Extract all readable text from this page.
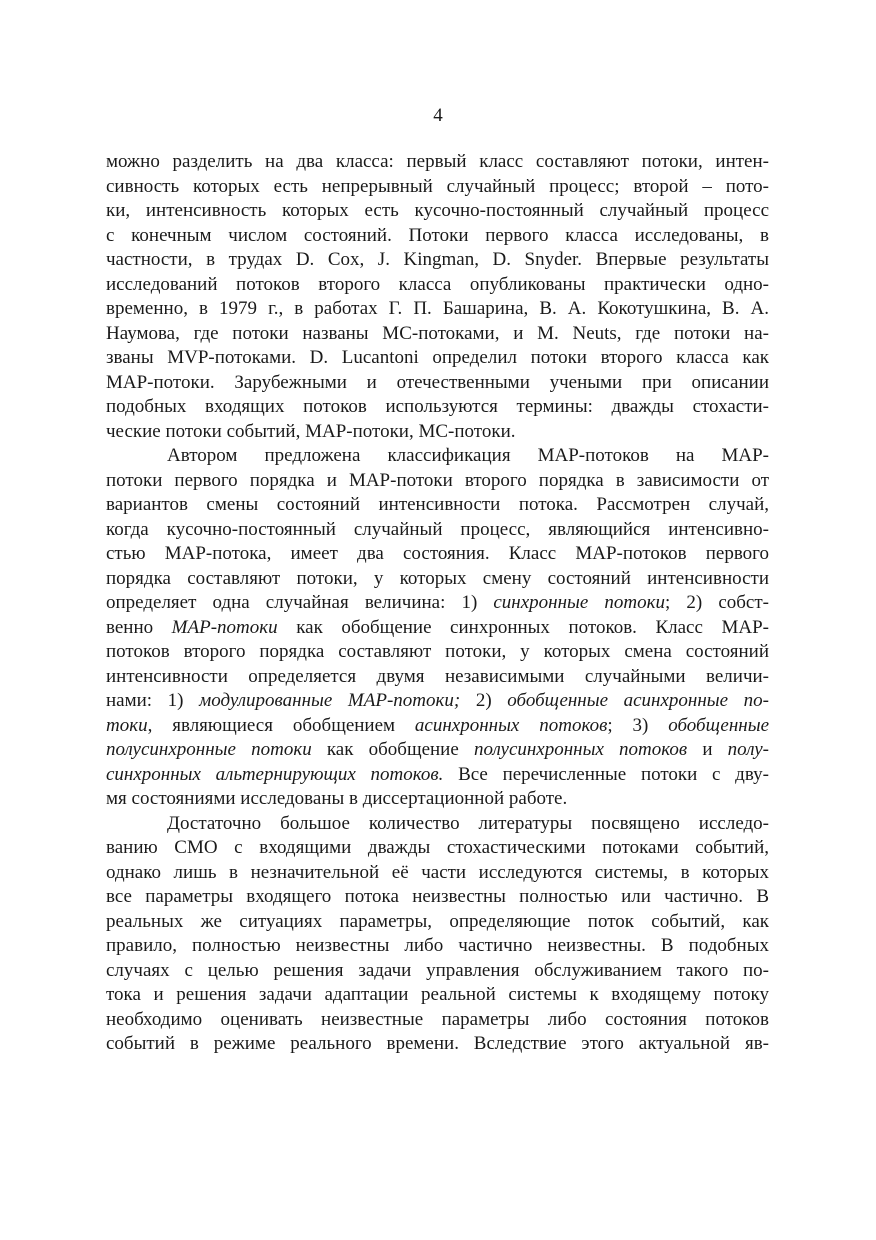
4
можно разделить на два класса: первый класс составляют потоки, интен-
сивность которых есть непрерывный случайный процесс; второй – пото-
ки, интенсивность которых есть кусочно-постоянный случайный процесс
с конечным числом состояний. Потоки первого класса исследованы, в
частности, в трудах D. Cox, J. Kingman, D. Snyder. Впервые результаты
исследований потоков второго класса опубликованы практически одно-
временно, в 1979 г., в работах Г. П. Башарина, В. А. Кокотушкина, В. А.
Наумова, где потоки названы МС-потоками, и M. Neuts, где потоки на-
званы MVP-потоками. D. Lucantoni определил потоки второго класса как
MAP-потоки. Зарубежными и отечественными учеными при описании
подобных входящих потоков используются термины: дважды стохасти-
ческие потоки событий, MAP-потоки, МС-потоки.
Автором предложена классификация MAP-потоков на MAP-
потоки первого порядка и MAP-потоки второго порядка в зависимости от
вариантов смены состояний интенсивности потока. Рассмотрен случай,
когда кусочно-постоянный случайный процесс, являющийся интенсивно-
стью MAP-потока, имеет два состояния. Класс MAP-потоков первого
порядка составляют потоки, у которых смену состояний интенсивности
определяет одна случайная величина: 1) синхронные потоки; 2) собст-
венно MAP-потоки как обобщение синхронных потоков. Класс MAP-
потоков второго порядка составляют потоки, у которых смена состояний
интенсивности определяется двумя независимыми случайными величи-
нами: 1) модулированные MAP-потоки; 2) обобщенные асинхронные по-
токи, являющиеся обобщением асинхронных потоков; 3) обобщенные
полусинхронные потоки как обобщение полусинхронных потоков и полу-
синхронных альтернирующих потоков. Все перечисленные потоки с дву-
мя состояниями исследованы в диссертационной работе.
Достаточно большое количество литературы посвящено исследо-
ванию СМО с входящими дважды стохастическими потоками событий,
однако лишь в незначительной её части исследуются системы, в которых
все параметры входящего потока неизвестны полностью или частично. В
реальных же ситуациях параметры, определяющие поток событий, как
правило, полностью неизвестны либо частично неизвестны. В подобных
случаях с целью решения задачи управления обслуживанием такого по-
тока и решения задачи адаптации реальной системы к входящему потоку
необходимо оценивать неизвестные параметры либо состояния потоков
событий в режиме реального времени. Вследствие этого актуальной яв-
